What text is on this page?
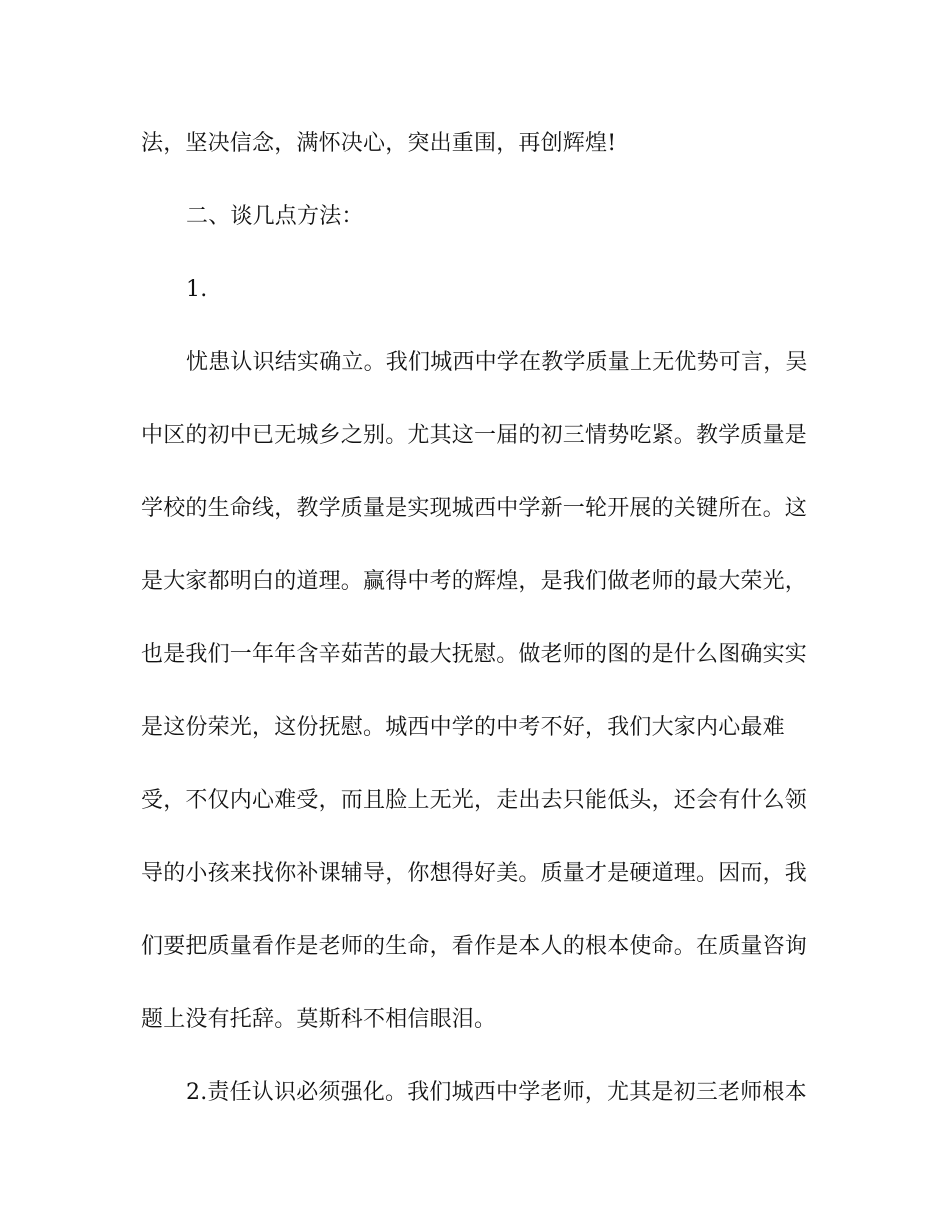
法，坚决信念，满怀决心，突出重围，再创辉煌!
二、谈几点方法：
1.
忧患认识结实确立。我们城西中学在教学质量上无优势可言，吴
中区的初中已无城乡之别。尤其这一届的初三情势吃紧。教学质量是
学校的生命线，教学质量是实现城西中学新一轮开展的关键所在。这
是大家都明白的道理。赢得中考的辉煌，是我们做老师的最大荣光，
也是我们一年年含辛茹苦的最大抚慰。做老师的图的是什么图确实实
是这份荣光，这份抚慰。城西中学的中考不好，我们大家内心最难
受，不仅内心难受，而且脸上无光，走出去只能低头，还会有什么领
导的小孩来找你补课辅导，你想得好美。质量才是硬道理。因而，我
们要把质量看作是老师的生命，看作是本人的根本使命。在质量咨询
题上没有托辞。莫斯科不相信眼泪。
2.责任认识必须强化。我们城西中学老师，尤其是初三老师根本
